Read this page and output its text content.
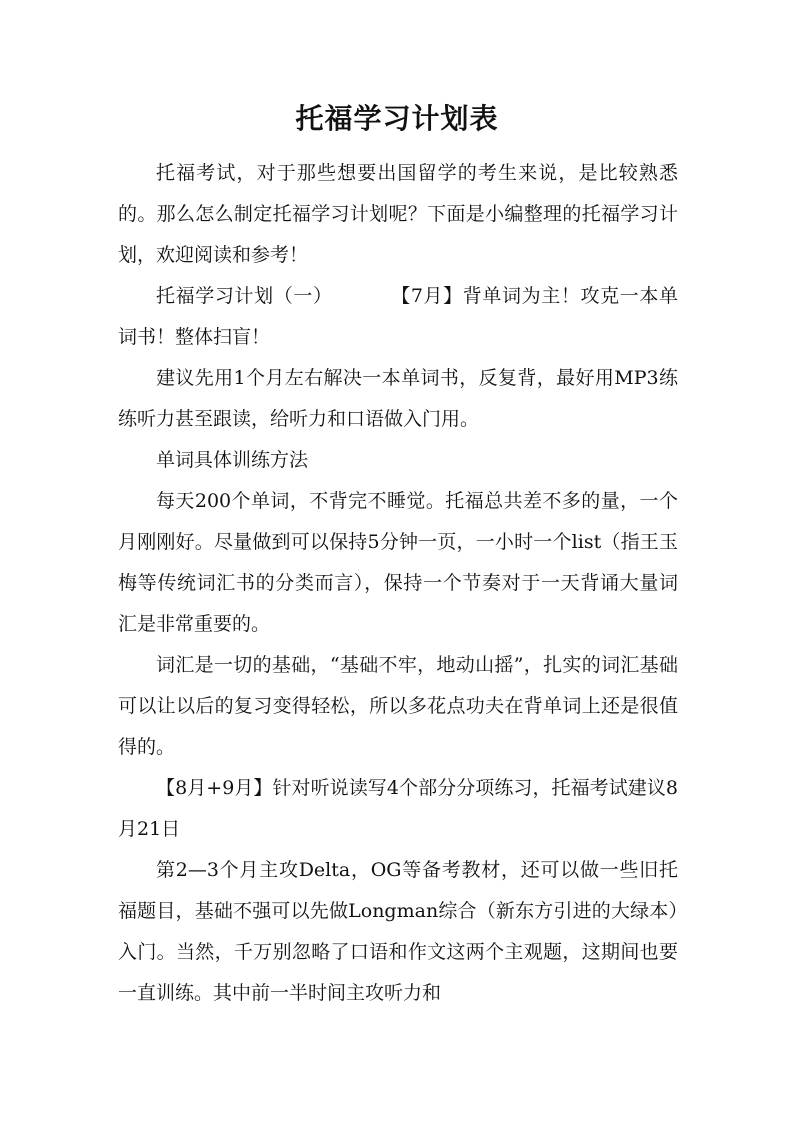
托福学习计划表

托福考试，对于那些想要出国留学的考生来说，是比较熟悉的。那么怎么制定托福学习计划呢？下面是小编整理的托福学习计划，欢迎阅读和参考！

托福学习计划（一）	【7月】背单词为主！攻克一本单词书！整体扫盲！

建议先用1个月左右解决一本单词书，反复背，最好用MP3练练听力甚至跟读，给听力和口语做入门用。

单词具体训练方法

每天200个单词，不背完不睡觉。托福总共差不多的量，一个月刚刚好。尽量做到可以保持5分钟一页，一小时一个list（指王玉梅等传统词汇书的分类而言），保持一个节奏对于一天背诵大量词汇是非常重要的。

词汇是一切的基础，“基础不牢，地动山摇”，扎实的词汇基础可以让以后的复习变得轻松，所以多花点功夫在背单词上还是很值得的。

【8月+9月】针对听说读写4个部分分项练习，托福考试建议8月21日

第2—3个月主攻Delta，OG等备考教材，还可以做一些旧托福题目，基础不强可以先做Longman综合（新东方引进的大绿本）入门。当然，千万别忽略了口语和作文这两个主观题，这期间也要一直训练。其中前一半时间主攻听力和
